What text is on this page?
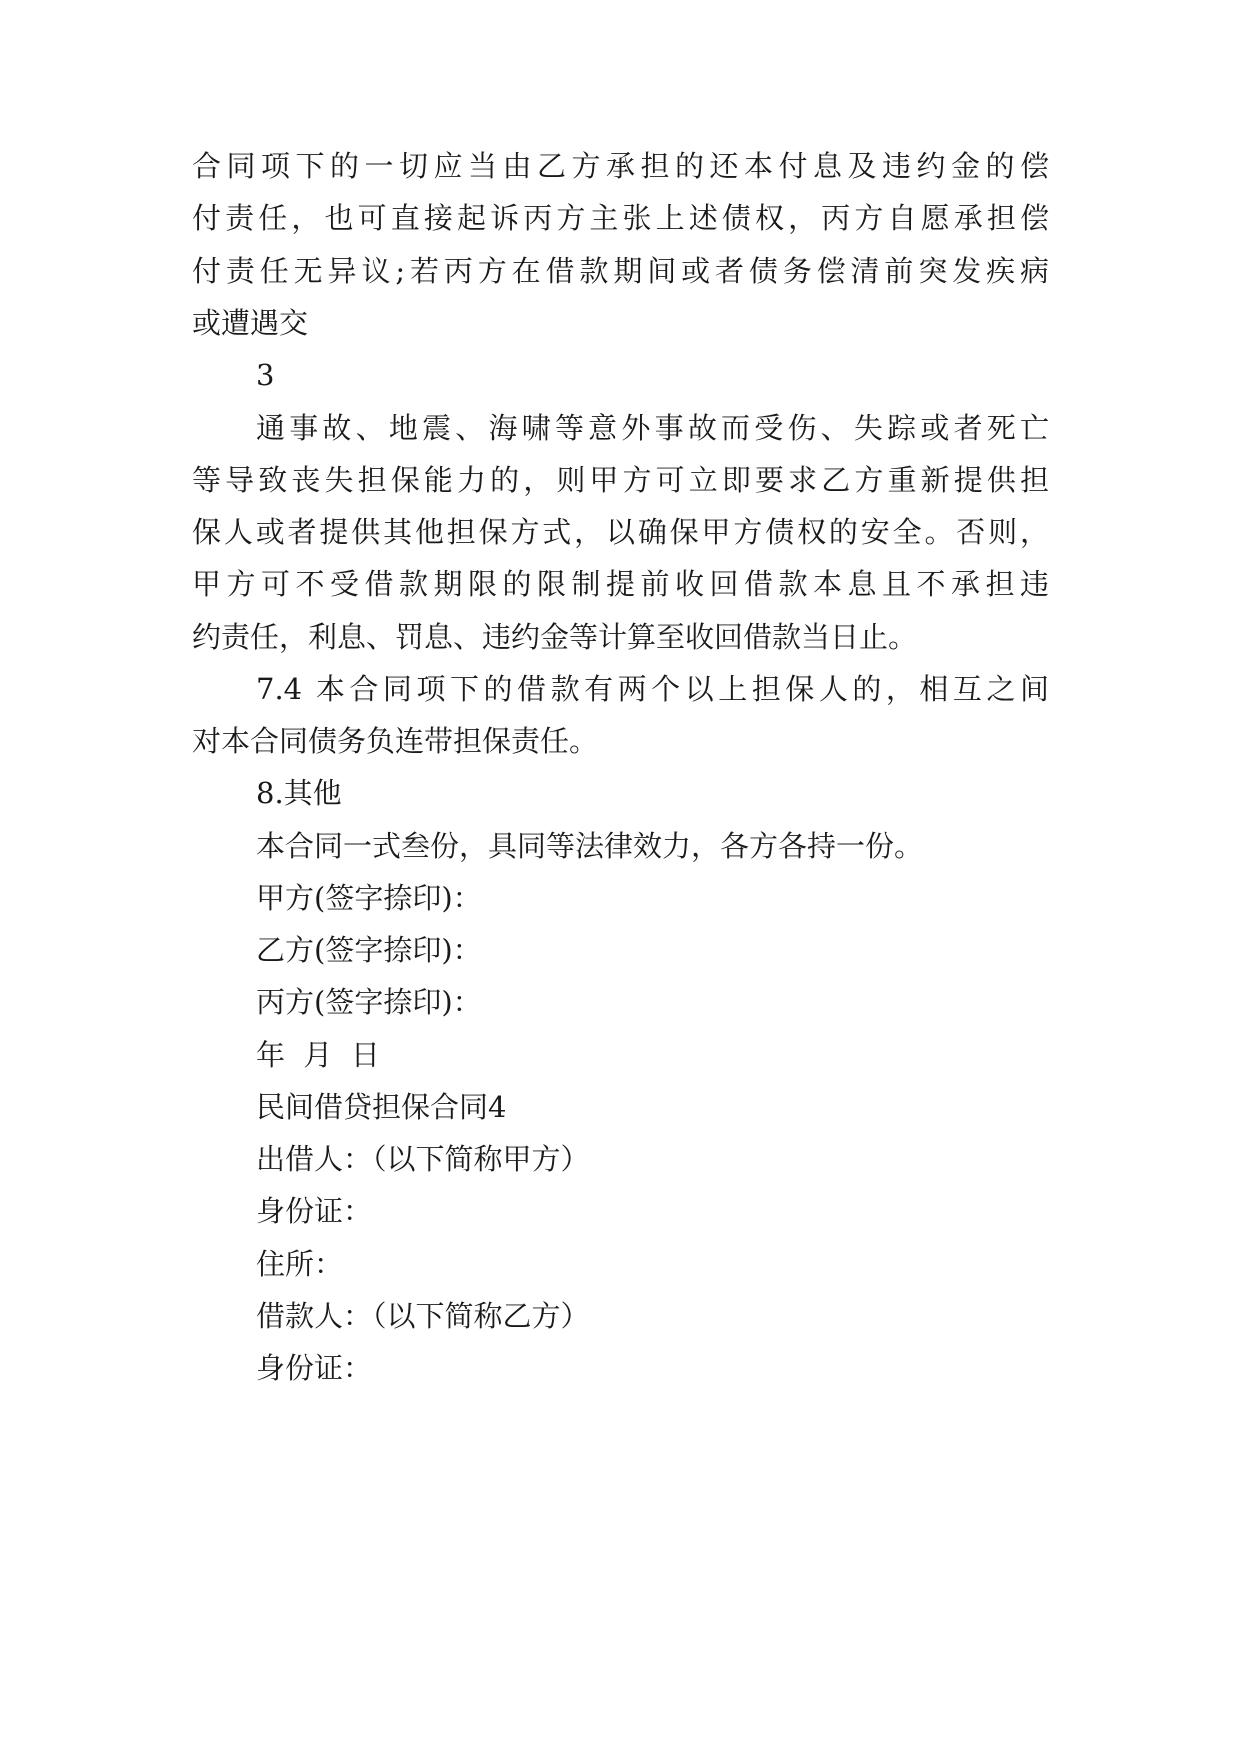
合同项下的一切应当由乙方承担的还本付息及违约金的偿
付责任，也可直接起诉丙方主张上述债权，丙方自愿承担偿
付责任无异议;若丙方在借款期间或者债务偿清前突发疾病
或遭遇交
3
通事故、地震、海啸等意外事故而受伤、失踪或者死亡
等导致丧失担保能力的，则甲方可立即要求乙方重新提供担
保人或者提供其他担保方式，以确保甲方债权的安全。否则，
甲方可不受借款期限的限制提前收回借款本息且不承担违
约责任，利息、罚息、违约金等计算至收回借款当日止。
7.4 本合同项下的借款有两个以上担保人的，相互之间
对本合同债务负连带担保责任。
8.其他
本合同一式叁份，具同等法律效力，各方各持一份。
甲方(签字捺印)：
乙方(签字捺印)：
丙方(签字捺印)：
年  月  日
民间借贷担保合同4
出借人：（以下简称甲方）
身份证：
住所：
借款人：（以下简称乙方）
身份证：
